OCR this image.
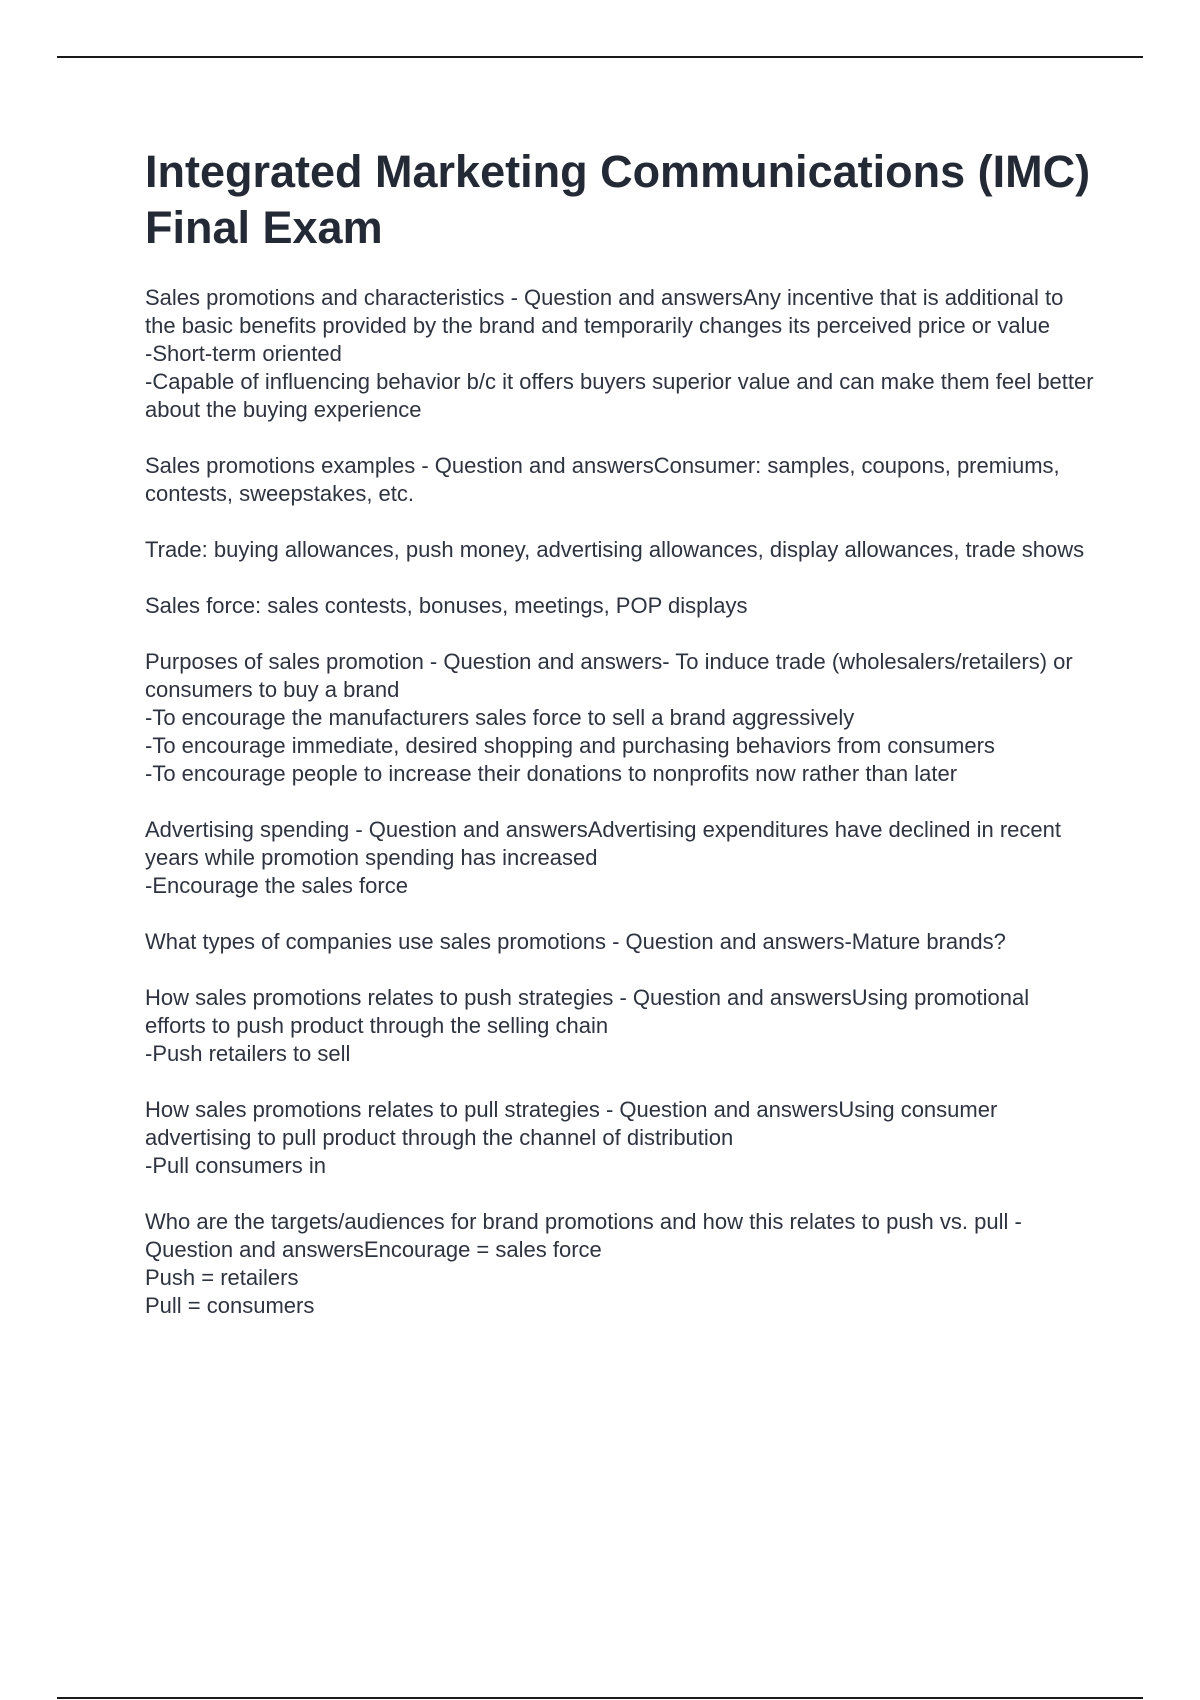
Integrated Marketing Communications (IMC) Final Exam

Sales promotions and characteristics - Question and answersAny incentive that is additional to the basic benefits provided by the brand and temporarily changes its perceived price or value
-Short-term oriented
-Capable of influencing behavior b/c it offers buyers superior value and can make them feel better about the buying experience

Sales promotions examples - Question and answersConsumer: samples, coupons, premiums, contests, sweepstakes, etc.

Trade: buying allowances, push money, advertising allowances, display allowances, trade shows

Sales force: sales contests, bonuses, meetings, POP displays

Purposes of sales promotion - Question and answers- To induce trade (wholesalers/retailers) or consumers to buy a brand
-To encourage the manufacturers sales force to sell a brand aggressively
-To encourage immediate, desired shopping and purchasing behaviors from consumers
-To encourage people to increase their donations to nonprofits now rather than later

Advertising spending - Question and answersAdvertising expenditures have declined in recent years while promotion spending has increased
-Encourage the sales force

What types of companies use sales promotions - Question and answers-Mature brands?

How sales promotions relates to push strategies - Question and answersUsing promotional efforts to push product through the selling chain
-Push retailers to sell

How sales promotions relates to pull strategies - Question and answersUsing consumer advertising to pull product through the channel of distribution
-Pull consumers in

Who are the targets/audiences for brand promotions and how this relates to push vs. pull - Question and answersEncourage = sales force
Push = retailers
Pull = consumers
